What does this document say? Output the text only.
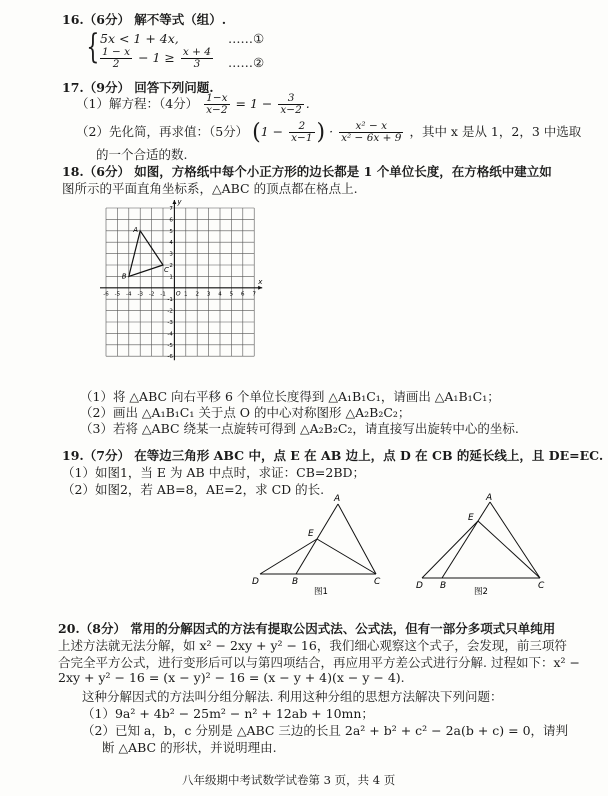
16.（6分） 解不等式（组）.
{ 5x < 1 + 4x,	……①
$\frac{1 - x}{2} - 1 \ge \frac{x + 4}{3}$ ……②
17.（9分） 回答下列问题.
（1）解方程：（4分） $\frac{1-x}{x-2} = 1 - \frac{3}{x-2}$ .
（2）先化简，再求值：（5分） ($1 - \frac{2}{x-1}$ ) · $\frac{\text{x² − x}}{\text{x² − 6x + 9}}$ ，其中 x 是从 1，2，3 中选取
的一个合适的数.
18.（6分） 如图，方格纸中每个小正方形的边长都是 1 个单位长度，在方格纸中建立如
图所示的平面直角坐标系，△ABC 的顶点都在格点上.
x
y
O
-6 -5 -4 -3 -2 -1	1 2 3 4 5 6 7
7
6
5
4
3
2
1
-1
-2
-3
-4
-5
-6
A
B
C
（1）将 △ABC 向右平移 6 个单位长度得到 △A₁B₁C₁，请画出 △A₁B₁C₁；
（2）画出 △A₁B₁C₁ 关于点 O 的中心对称图形 △A₂B₂C₂；
（3）若将 △ABC 绕某一点旋转可得到 △A₂B₂C₂，请直接写出旋转中心的坐标.
19.（7分） 在等边三角形 ABC 中，点 E 在 AB 边上，点 D 在 CB 的延长线上，且 DE=EC.
（1）如图1，当 E 为 AB 中点时，求证：CB=2BD；
（2）如图2，若 AB=8，AE=2，求 CD 的长.
A
E
D	B	C
图1
A
E
D B	C
图2
20.（8分） 常用的分解因式的方法有提取公因式法、公式法，但有一部分多项式只单纯用
上述方法就无法分解，如 x² − 2xy + y² − 16，我们细心观察这个式子，会发现，前三项符
合完全平方公式，进行变形后可以与第四项结合，再应用平方差公式进行分解. 过程如下：x² −
2xy + y² − 16 = (x − y)² − 16 = (x − y + 4)(x − y − 4).
这种分解因式的方法叫分组分解法. 利用这种分组的思想方法解决下列问题：
（1）9a² + 4b² − 25m² − n² + 12ab + 10mn；
（2）已知 a，b，c 分别是 △ABC 三边的长且 2a² + b² + c² − 2a(b + c) = 0，请判
断 △ABC 的形状，并说明理由.
八年级期中考试数学试卷第 3 页，共 4 页
